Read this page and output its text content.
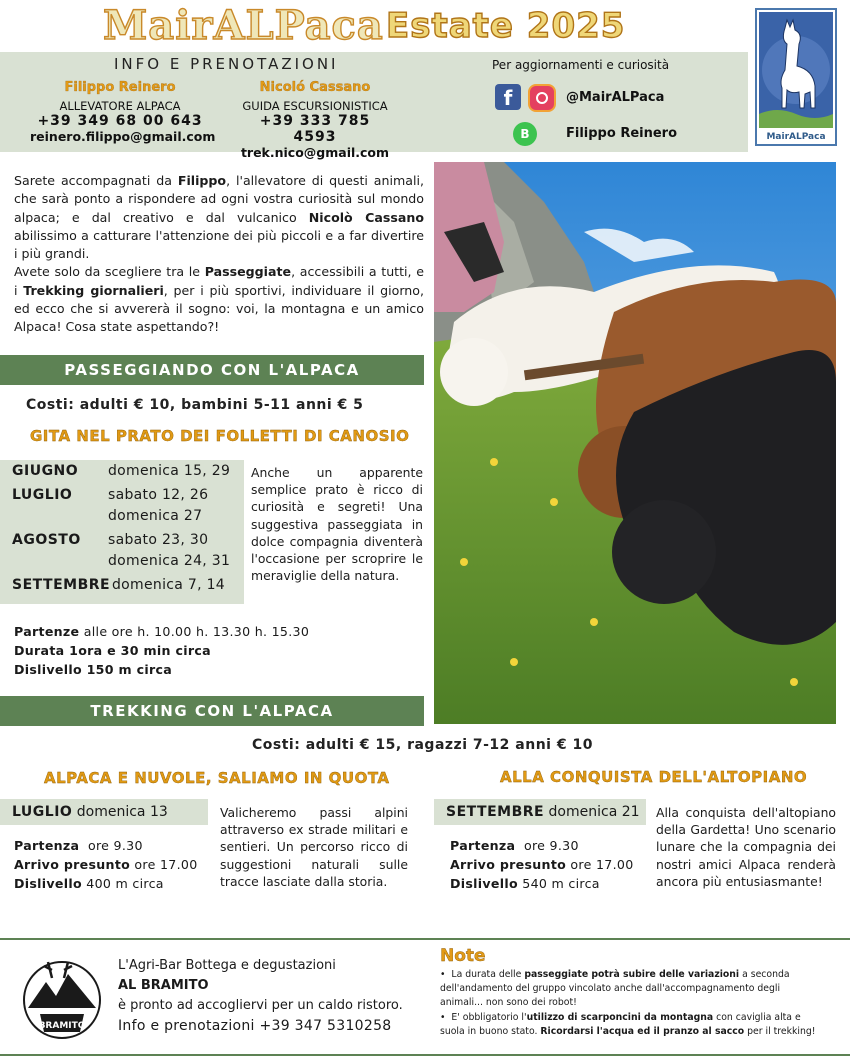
MairALPaca Estate 2025
INFO E PRENOTAZIONI
Filippo Reinero
ALLEVATORE ALPACA
+39 349 68 00 643
reinero.filippo@gmail.com
Nicoló Cassano
GUIDA ESCURSIONISTICA
+39 333 785 4593
trek.nico@gmail.com
Per aggiornamenti e curiosità
f	@MairALPaca
B	Filippo Reinero	MairALPaca

Sarete accompagnati da Filippo, l'allevatore di questi animali, che sarà ponto a rispondere ad ogni vostra curiosità sul mondo alpaca; e dal creativo e dal vulcanico Nicolò Cassano abilissimo a catturare l'attenzione dei più piccoli e a far divertire i più grandi.

Avete solo da scegliere tra le Passeggiate, accessibili a tutti, e i Trekking giornalieri, per i più sportivi, individuare il giorno, ed ecco che si avvererà il sogno: voi, la montagna e un amico Alpaca! Cosa state aspettando?!

PASSEGGIANDO CON L'ALPACA
Costi: adulti € 10, bambini 5-11 anni € 5
GITA NEL PRATO DEI FOLLETTI DI CANOSIO
GIUGNO	domenica 15, 29
LUGLIO	sabato 12, 26
domenica 27
AGOSTO	sabato 23, 30
domenica 24, 31
SETTEMBRE domenica 7, 14
Anche un apparente semplice prato è ricco di curiosità e segreti! Una suggestiva passeggiata in dolce compagnia diventerà l'occasione per scroprire le meraviglie della natura.
Partenze alle ore h. 10.00 h. 13.30 h. 15.30
Durata 1ora e 30 min circa
Dislivello 150 m circa
TREKKING CON L'ALPACA
Costi: adulti € 15, ragazzi 7-12 anni € 10
ALPACA E NUVOLE, SALIAMO IN QUOTA
LUGLIO domenica 13
Partenza ore 9.30
Arrivo presunto ore 17.00
Dislivello 400 m circa
Valicheremo passi alpini attraverso ex strade militari e sentieri. Un percorso ricco di suggestioni naturali sulle tracce lasciate dalla storia.
ALLA CONQUISTA DELL'ALTOPIANO
SETTEMBRE domenica 21
Partenza ore 9.30
Arrivo presunto ore 17.00
Dislivello 540 m circa
Alla conquista dell'altopiano della Gardetta! Uno scenario lunare che la compagnia dei nostri amici Alpaca renderà ancora più entusiasmante!
BRAMITO
L'Agri-Bar Bottega e degustazioni
AL BRAMITO
è pronto ad accogliervi per un caldo ristoro.
Info e prenotazioni +39 347 5310258
Note
•  La durata delle passeggiate potrà subire delle variazioni a seconda dell'andamento del gruppo vincolato anche dall'accompagnamento degli animali... non sono dei robot!
•  E' obbligatorio l'utilizzo di scarponcini da montagna con caviglia alta e suola in buono stato. Ricordarsi l'acqua ed il pranzo al sacco per il trekking!
